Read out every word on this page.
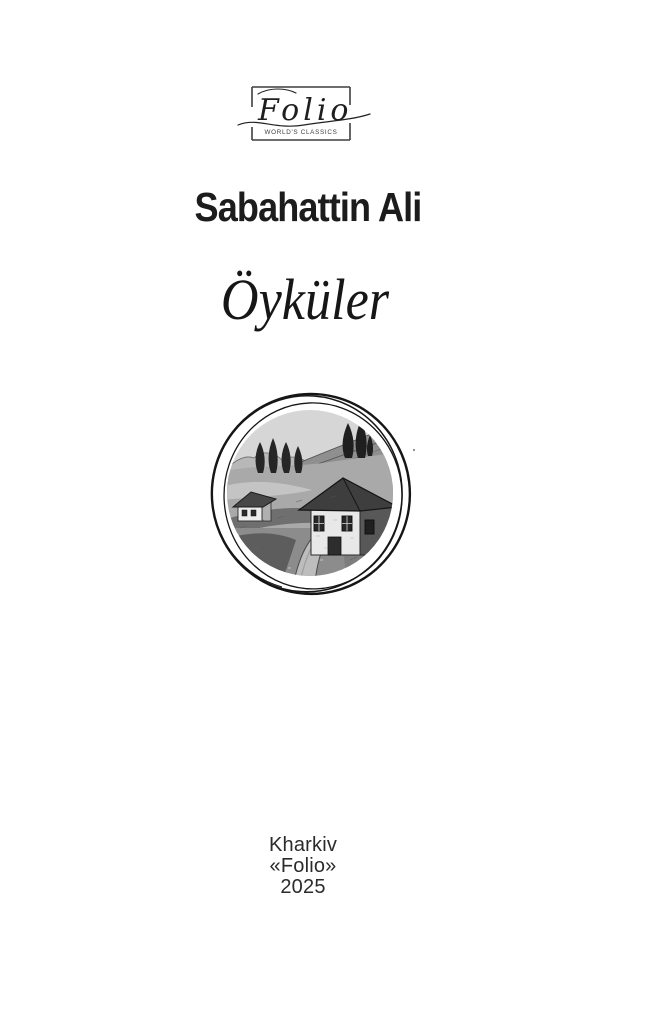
Folio
WORLD'S CLASSICS
Sabahattin Ali
Öyküler
Kharkiv
«Folio»
2025
